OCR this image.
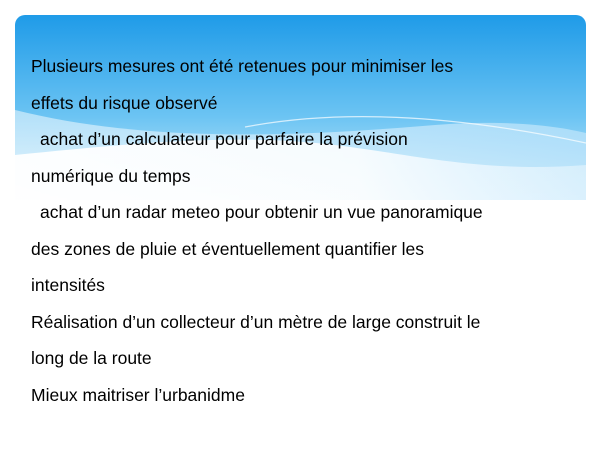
Plusieurs mesures ont été retenues pour minimiser les
effets du risque observé
achat d’un calculateur pour parfaire la prévision
numérique du temps
achat d’un radar meteo pour obtenir un vue panoramique
des zones de pluie et éventuellement quantifier les
intensités
Réalisation d’un collecteur d’un mètre de large construit le
long de la route
Mieux maitriser l’urbanidme
